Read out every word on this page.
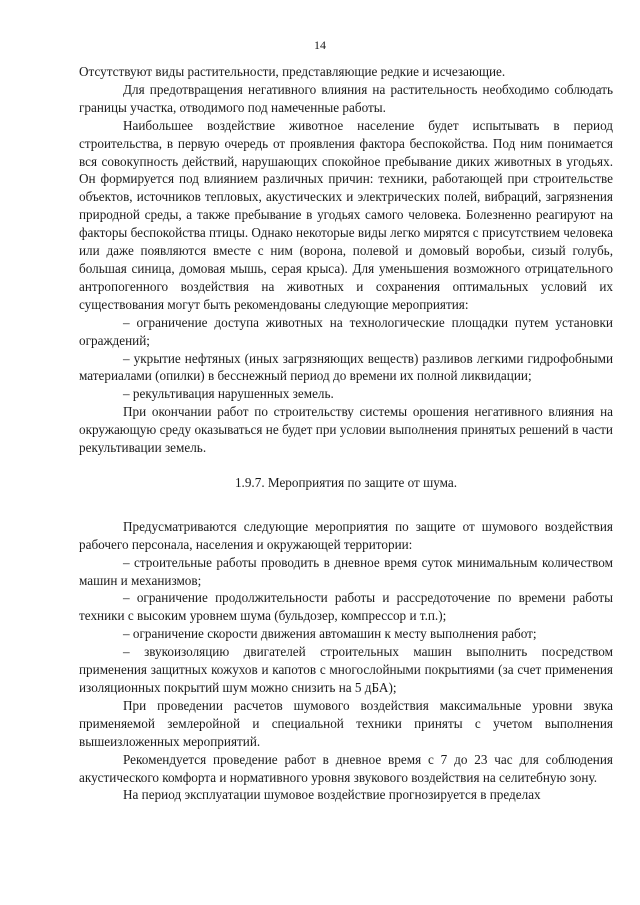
14

Отсутствуют виды растительности, представляющие редкие и исчезающие.

Для предотвращения негативного влияния на растительность необходимо соблюдать границы участка, отводимого под намеченные работы.

Наибольшее воздействие животное население будет испытывать в период строительства, в первую очередь от проявления фактора беспокойства. Под ним понимается вся совокупность действий, нарушающих спокойное пребывание диких животных в угодьях. Он формируется под влиянием различных причин: техники, работающей при строительстве объектов, источников тепловых, акустических и электрических полей, вибраций, загрязнения природной среды, а также пребывание в угодьях самого человека. Болезненно реагируют на факторы беспокойства птицы. Однако некоторые виды легко мирятся с присутствием человека или даже появляются вместе с ним (ворона, полевой и домовый воробьи, сизый голубь, большая синица, домовая мышь, серая крыса). Для уменьшения возможного отрицательного антропогенного воздействия на животных и сохранения оптимальных условий их существования могут быть рекомендованы следующие мероприятия:

– ограничение доступа животных на технологические площадки путем установки ограждений;

– укрытие нефтяных (иных загрязняющих веществ) разливов легкими гидрофобными материалами (опилки) в бесснежный период до времени их полной ликвидации;

– рекультивация нарушенных земель.

При окончании работ по строительству системы орошения негативного влияния на окружающую среду оказываться не будет при условии выполнения принятых решений в части рекультивации земель.

1.9.7. Мероприятия по защите от шума.

Предусматриваются следующие мероприятия по защите от шумового воздействия рабочего персонала, населения и окружающей территории:

– строительные работы проводить в дневное время суток минимальным количеством машин и механизмов;

– ограничение продолжительности работы и рассредоточение по времени работы техники с высоким уровнем шума (бульдозер, компрессор и т.п.);

– ограничение скорости движения автомашин к месту выполнения работ;

– звукоизоляцию двигателей строительных машин выполнить посредством применения защитных кожухов и капотов с многослойными покрытиями (за счет применения изоляционных покрытий шум можно снизить на 5 дБА);

При проведении расчетов шумового воздействия максимальные уровни звука применяемой землеройной и специальной техники приняты с учетом выполнения вышеизложенных мероприятий.

Рекомендуется проведение работ в дневное время с 7 до 23 час для соблюдения акустического комфорта и нормативного уровня звукового воздействия на селитебную зону.

На период эксплуатации шумовое воздействие прогнозируется в пределах
